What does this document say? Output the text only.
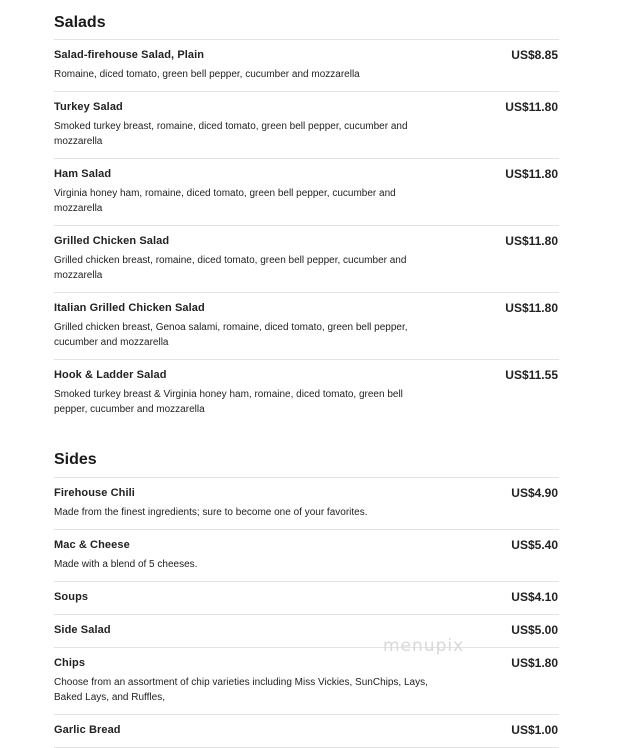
Salads
Salad-firehouse Salad, Plain	US$8.85
Romaine, diced tomato, green bell pepper, cucumber and mozzarella
Turkey Salad	US$11.80
Smoked turkey breast, romaine, diced tomato, green bell pepper, cucumber and mozzarella
Ham Salad	US$11.80
Virginia honey ham, romaine, diced tomato, green bell pepper, cucumber and mozzarella
Grilled Chicken Salad	US$11.80
Grilled chicken breast, romaine, diced tomato, green bell pepper, cucumber and mozzarella
Italian Grilled Chicken Salad	US$11.80
Grilled chicken breast, Genoa salami, romaine, diced tomato, green bell pepper, cucumber and mozzarella
Hook & Ladder Salad	US$11.55
Smoked turkey breast & Virginia honey ham, romaine, diced tomato, green bell pepper, cucumber and mozzarella
Sides
Firehouse Chili	US$4.90
Made from the finest ingredients; sure to become one of your favorites.
Mac & Cheese	US$5.40
Made with a blend of 5 cheeses.
Soups	US$4.10
Side Salad	US$5.00
Chips	US$1.80
Choose from an assortment of chip varieties including Miss Vickies, SunChips, Lays, Baked Lays, and Ruffles,
Garlic Bread	US$1.00
menupix
